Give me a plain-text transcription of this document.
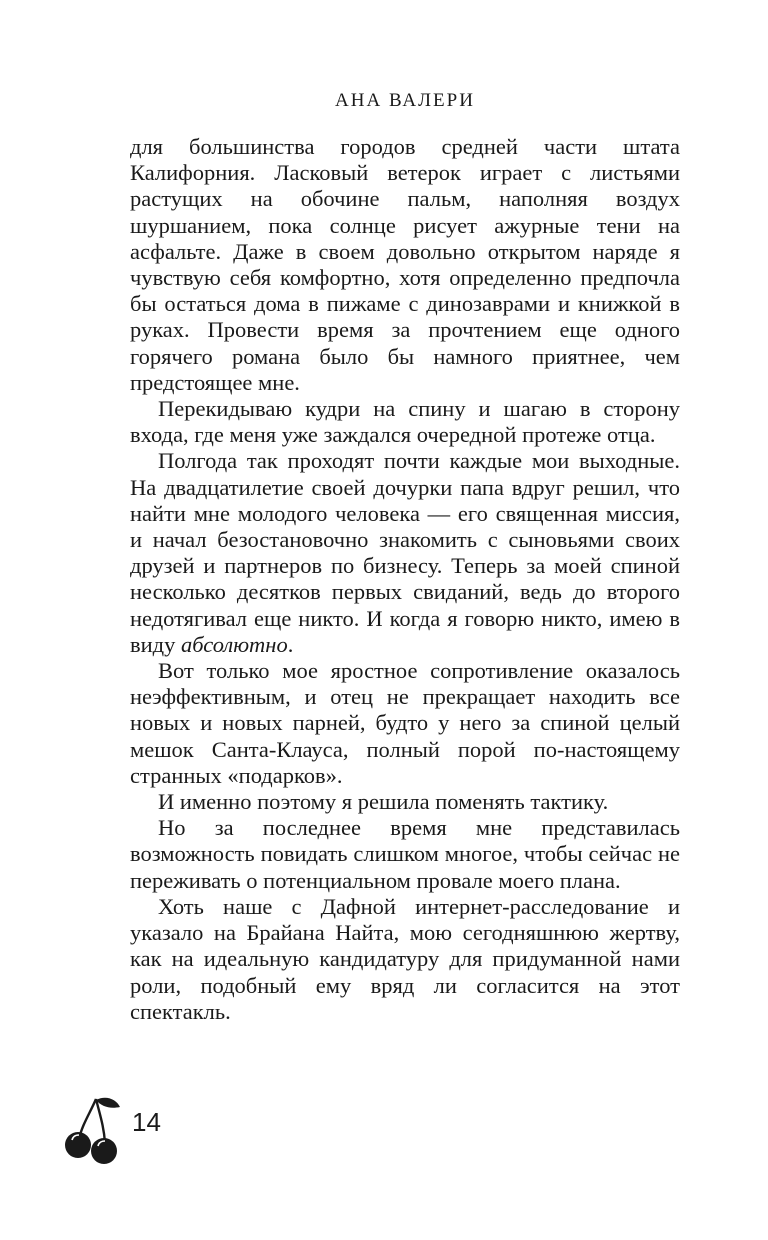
АНА ВАЛЕРИ

для большинства городов средней части штата Калифорния. Ласковый ветерок играет с листьями растущих на обочине пальм, наполняя воздух шуршанием, пока солнце рисует ажурные тени на асфальте. Даже в своем довольно открытом наряде я чувствую себя комфортно, хотя определенно предпочла бы остаться дома в пижаме с динозаврами и книжкой в руках. Провести время за прочтением еще одного горячего романа было бы намного приятнее, чем предстоящее мне.

Перекидываю кудри на спину и шагаю в сторону входа, где меня уже заждался очередной протеже отца.

Полгода так проходят почти каждые мои выходные. На двадцатилетие своей дочурки папа вдруг решил, что найти мне молодого человека — его священная миссия, и начал безостановочно знакомить с сыновьями своих друзей и партнеров по бизнесу. Теперь за моей спиной несколько десятков первых свиданий, ведь до второго недотягивал еще никто. И когда я говорю никто, имею в виду абсолютно.

Вот только мое яростное сопротивление оказалось неэффективным, и отец не прекращает находить все новых и новых парней, будто у него за спиной целый мешок Санта-Клауса, полный порой по-настоящему странных «подарков».

И именно поэтому я решила поменять тактику.

Но за последнее время мне представилась возможность повидать слишком многое, чтобы сейчас не переживать о потенциальном провале моего плана.

Хоть наше с Дафной интернет-расследование и указало на Брайана Найта, мою сегодняшнюю жертву, как на идеальную кандидатуру для придуманной нами роли, подобный ему вряд ли согласится на этот спектакль.

14
